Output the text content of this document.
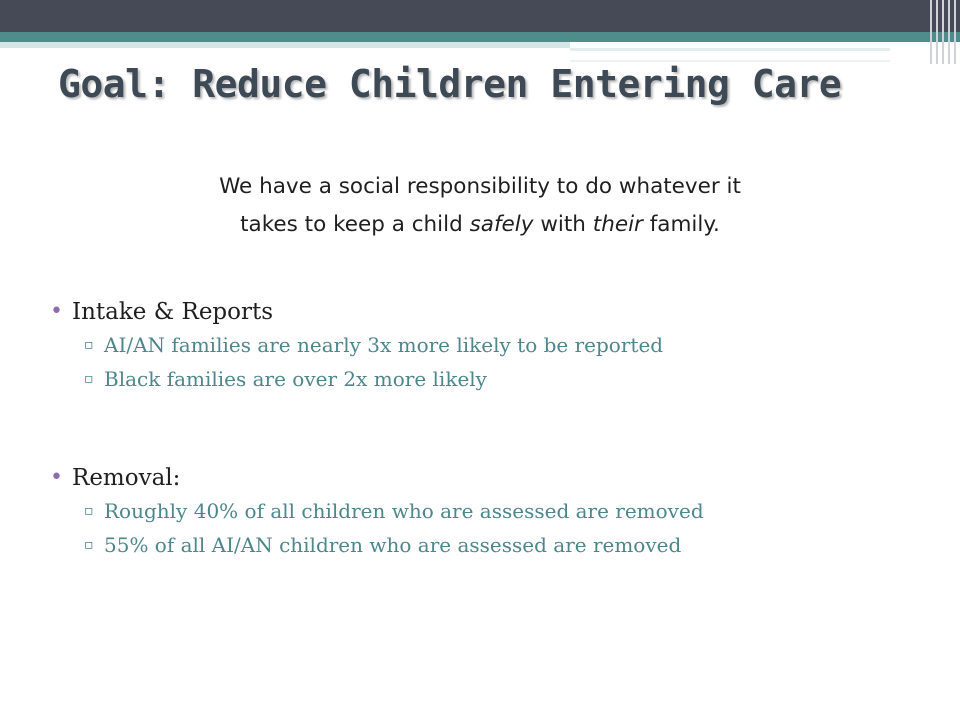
Goal: Reduce Children Entering Care
We have a social responsibility to do whatever it
takes to keep a child safely with their family.
• Intake & Reports
▫ AI/AN families are nearly 3x more likely to be reported
▫ Black families are over 2x more likely
• Removal:
▫ Roughly 40% of all children who are assessed are removed
▫ 55% of all AI/AN children who are assessed are removed
